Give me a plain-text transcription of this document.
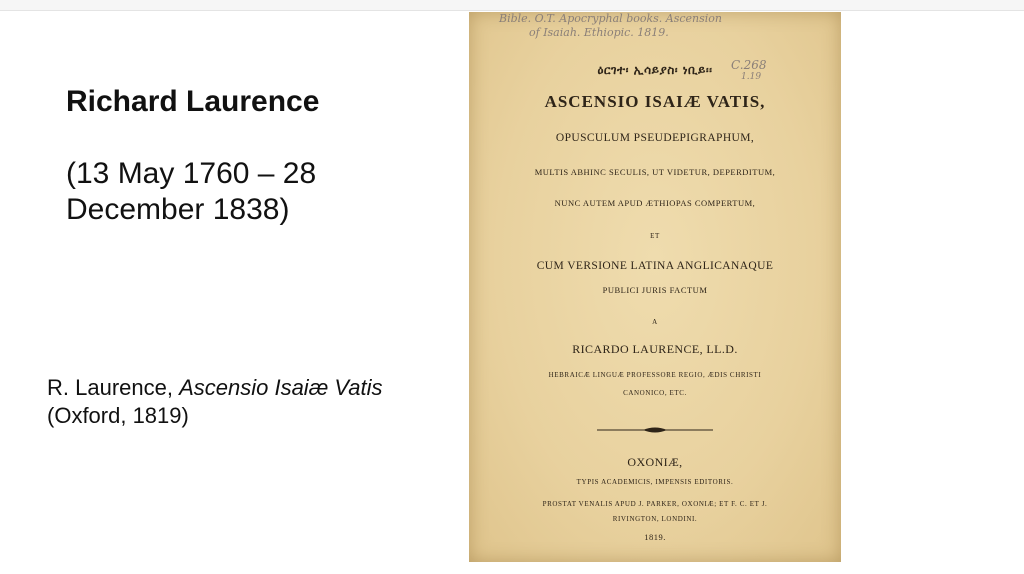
Richard Laurence
(13 May 1760 – 28 December 1838)
R. Laurence, Ascensio Isaiæ Vatis
(Oxford, 1819)
Bible. O.T. Apocryphal books. Ascension
of Isaiah. Ethiopic. 1819.
C.268
1.19
ዕርገተ፡ ኢሳይያስ፡ ነቢይ፡፡
ASCENSIO ISAIÆ VATIS,
OPUSCULUM PSEUDEPIGRAPHUM,
MULTIS ABHINC SECULIS, UT VIDETUR, DEPERDITUM,
NUNC AUTEM APUD ÆTHIOPAS COMPERTUM,
ET
CUM VERSIONE LATINA ANGLICANAQUE
PUBLICI JURIS FACTUM
A
RICARDO LAURENCE, LL.D.
HEBRAICÆ LINGUÆ PROFESSORE REGIO, ÆDIS CHRISTI
CANONICO, ETC.
OXONIÆ,
TYPIS ACADEMICIS, IMPENSIS EDITORIS.
PROSTAT VENALIS APUD J. PARKER, OXONIÆ; ET F. C. ET J.
RIVINGTON, LONDINI.
1819.
